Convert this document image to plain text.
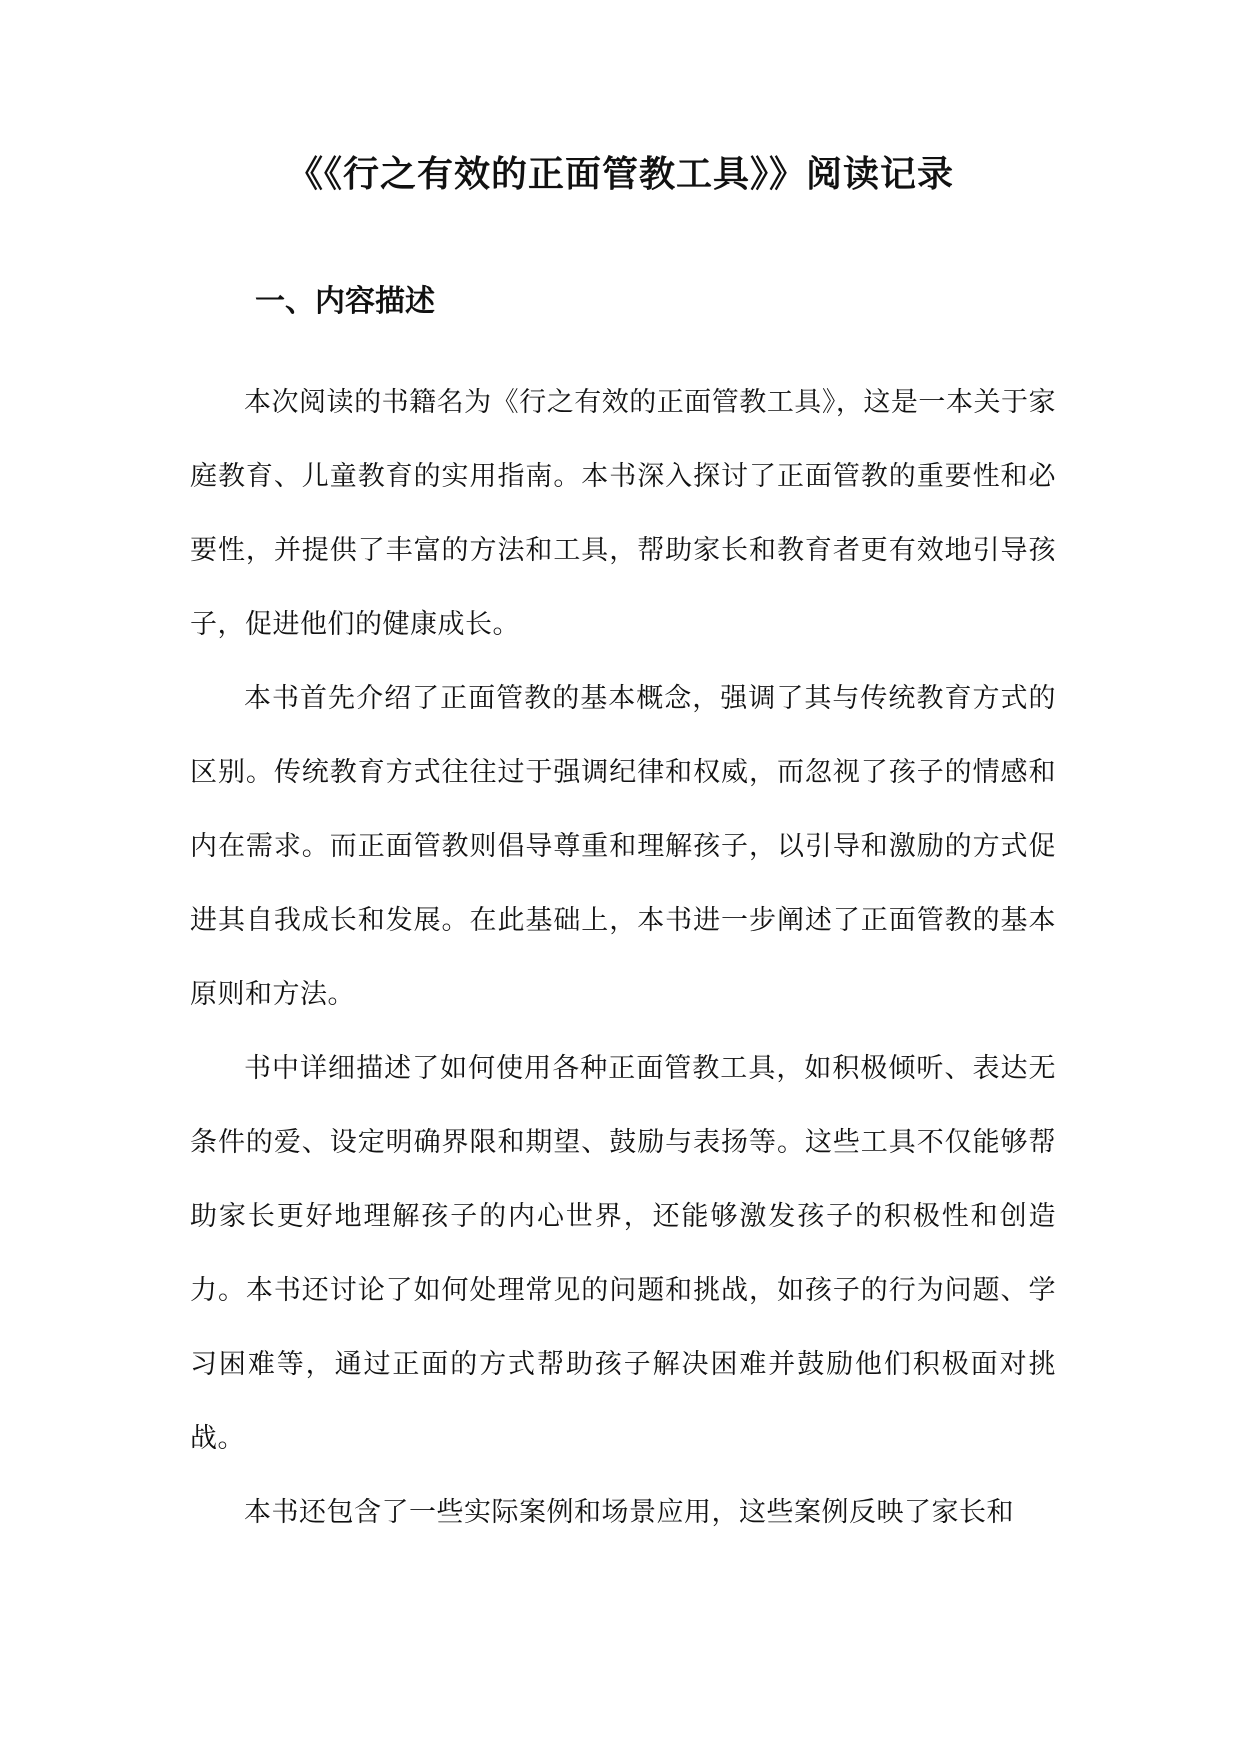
《《行之有效的正面管教工具》》阅读记录
一、内容描述

本次阅读的书籍名为《行之有效的正面管教工具》，这是一本关于家庭教育、儿童教育的实用指南。本书深入探讨了正面管教的重要性和必要性，并提供了丰富的方法和工具，帮助家长和教育者更有效地引导孩子，促进他们的健康成长。

本书首先介绍了正面管教的基本概念，强调了其与传统教育方式的区别。传统教育方式往往过于强调纪律和权威，而忽视了孩子的情感和内在需求。而正面管教则倡导尊重和理解孩子，以引导和激励的方式促进其自我成长和发展。在此基础上，本书进一步阐述了正面管教的基本原则和方法。

书中详细描述了如何使用各种正面管教工具，如积极倾听、表达无条件的爱、设定明确界限和期望、鼓励与表扬等。这些工具不仅能够帮助家长更好地理解孩子的内心世界，还能够激发孩子的积极性和创造力。本书还讨论了如何处理常见的问题和挑战，如孩子的行为问题、学习困难等，通过正面的方式帮助孩子解决困难并鼓励他们积极面对挑战。

本书还包含了一些实际案例和场景应用，这些案例反映了家长和
